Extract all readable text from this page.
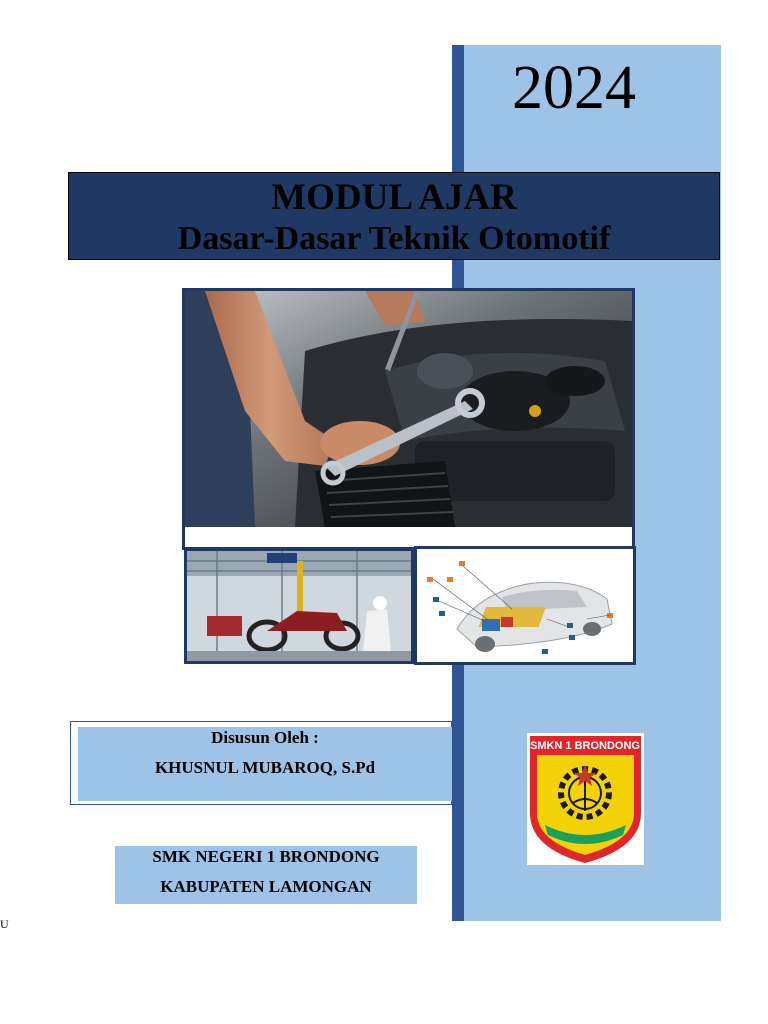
2024
MODUL AJAR
Dasar-Dasar Teknik Otomotif
Disusun Oleh :
KHUSNUL MUBAROQ, S.Pd
SMK NEGERI 1 BRONDONG
KABUPATEN LAMONGAN
SMKN 1 BRONDONG
U
